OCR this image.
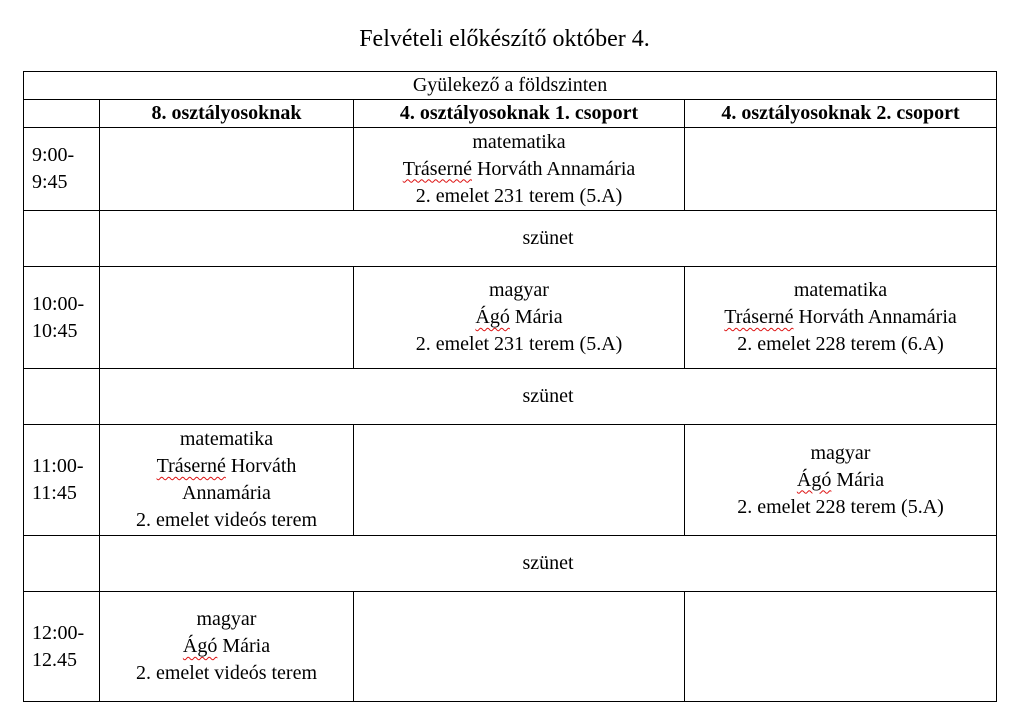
Felvételi előkészítő október 4.
Gyülekező a földszinten			
	8. osztályosoknak	4. osztályosoknak 1. csoport	4. osztályosoknak 2. csoport

9:00-
9:45		matematika
Tráserné Horváth Annamária
2. emelet 231 terem (5.A)	

	szünet		

10:00-
10:45		magyar
Ágó Mária
2. emelet 231 terem (5.A)	matematika
Tráserné Horváth Annamária
2. emelet 228 terem (6.A)

	szünet		

11:00-
11:45	matematika
Tráserné Horváth
Annamária
2. emelet videós terem		magyar
Ágó Mária
2. emelet 228 terem (5.A)

	szünet		

12:00-
12.45	magyar
Ágó Mária
2. emelet videós terem		
